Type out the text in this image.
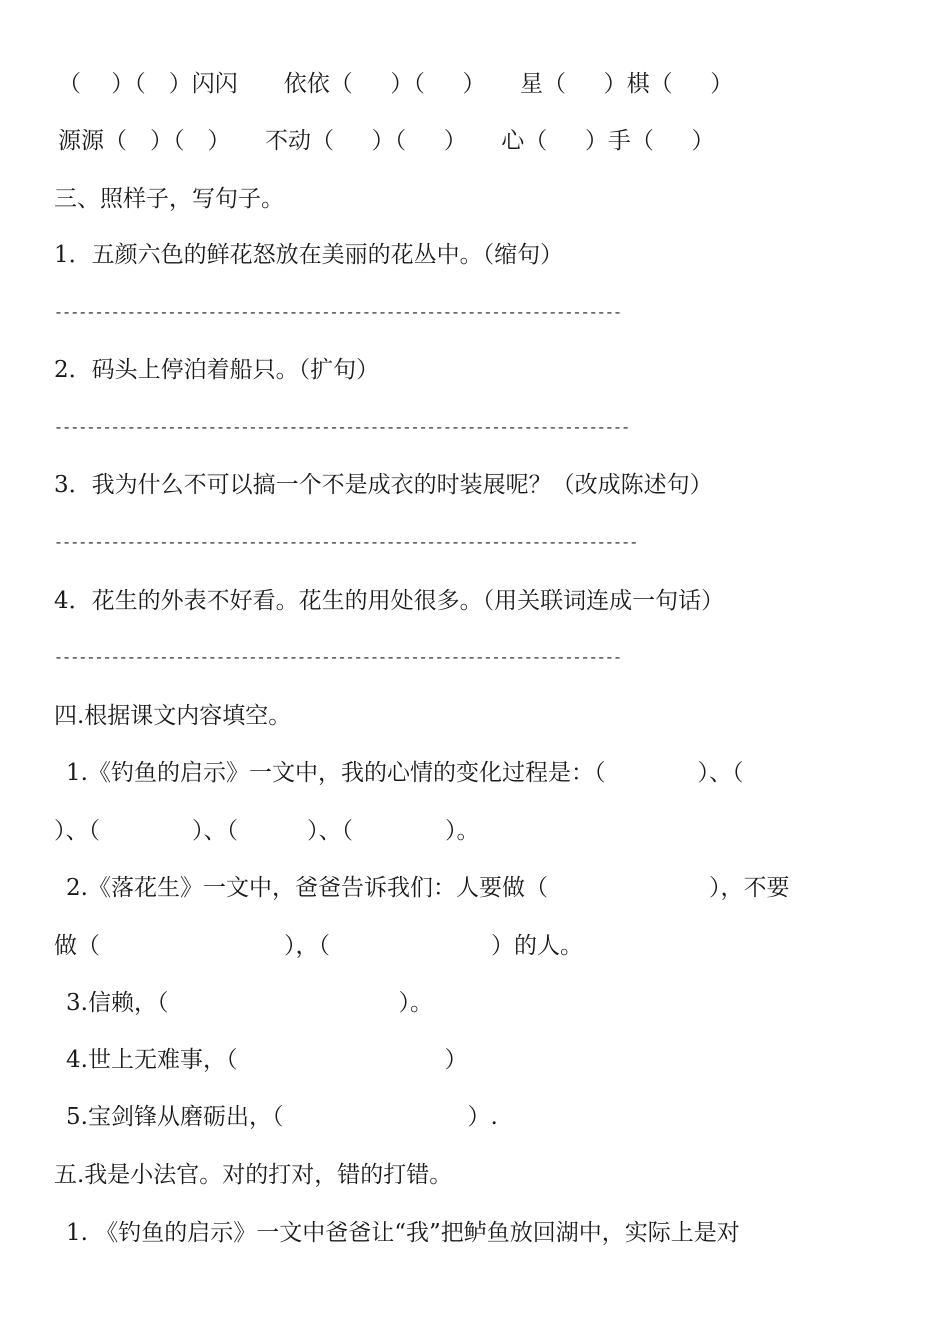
（　 ）（　）闪闪　　依依（　  ）（　  ）　　星（　  ）棋（　  ）
源源（　）（　）　　不动（　  ）（　  ）　　心（　  ）手（　  ）
三、照样子，写句子。
1．五颜六色的鲜花怒放在美丽的花丛中。（缩句）
----------------------------------------------------------------------
2．码头上停泊着船只。（扩句）
-----------------------------------------------------------------------
3．我为什么不可以搞一个不是成衣的时装展呢？（改成陈述句）
------------------------------------------------------------------------
4．花生的外表不好看。花生的用处很多。（用关联词连成一句话）
----------------------------------------------------------------------
四.根据课文内容填空。
1.《钓鱼的启示》一文中，我的心情的变化过程是：（　　　　）、（
）、（　　　　）、（　　　）、（　　　　）。
2.《落花生》一文中，爸爸告诉我们：人要做（　　　　　　　），不要
做（　　　　　　　　），（　　　　　　　）的人。
3.信赖，（　　　　　　　　　　）。
4.世上无难事，（　　　　　　　　　）
5.宝剑锋从磨砺出，（　　　　　　　　）.
五.我是小法官。对的打对，错的打错。
1. 《钓鱼的启示》一文中爸爸让“我”把鲈鱼放回湖中，实际上是对
